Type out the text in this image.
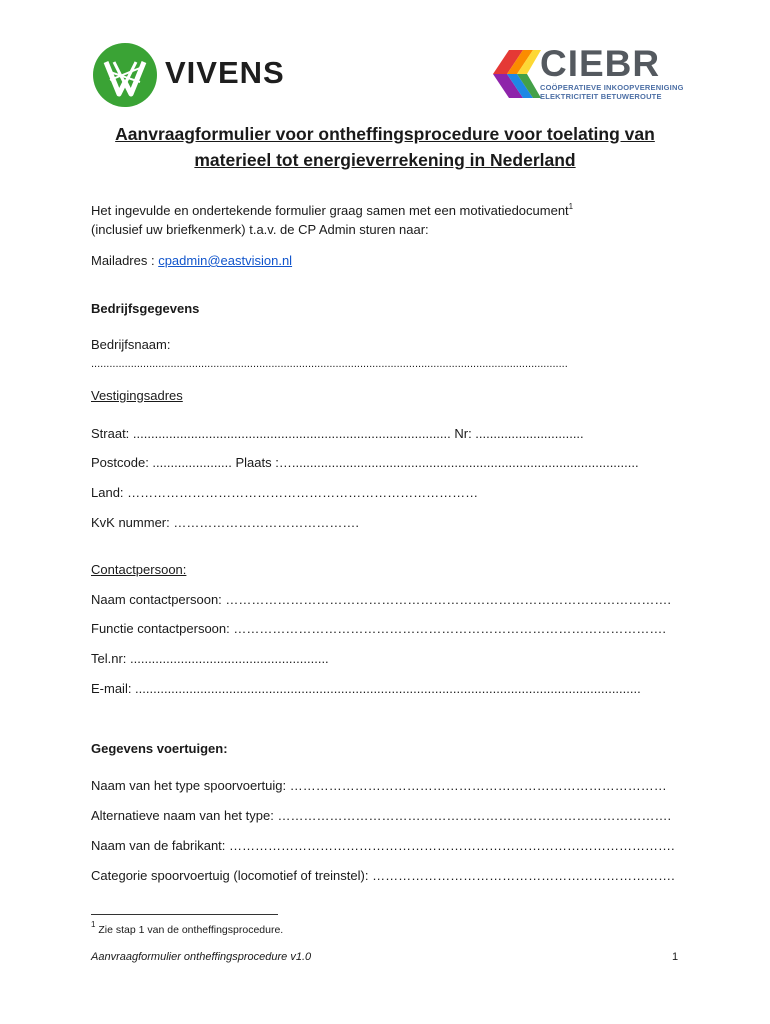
VIVENS	CIEBR
COÖPERATIEVE INKOOPVERENIGING
ELEKTRICITEIT BETUWEROUTE
Aanvraagformulier voor ontheffingsprocedure voor toelating van
materieel tot energieverrekening in Nederland
Het ingevulde en ondertekende formulier graag samen met een motivatiedocument$^1$
(inclusief uw briefkenmerk) t.a.v. de CP Admin sturen naar:
Mailadres : cpadmin@eastvision.nl
Bedrijfsgegevens
Bedrijfsnaam:
............................................................................................................................................................
Vestigingsadres
Straat: ........................................................................................ Nr: ..............................
Postcode: ...................... Plaats :…................................................................................................
Land: ………………………………………………………………………
KvK nummer: …………………………………….
Contactpersoon:
Naam contactpersoon: ………………………………………………………………………………………….
Functie contactpersoon: ……………………………………………………………………………………….
Tel.nr: .......................................................
E-mail: ............................................................................................................................................
Gegevens voertuigen:
Naam van het type spoorvoertuig: ……………………………………………………………………………
Alternatieve naam van het type: ……………………………………………………………………………….
Naam van de fabrikant: ………………………………………………………………………………………….
Categorie spoorvoertuig (locomotief of treinstel): …………………………………………………………….
$^1$ Zie stap 1 van de ontheffingsprocedure.
Aanvraagformulier ontheffingsprocedure v1.0	1
